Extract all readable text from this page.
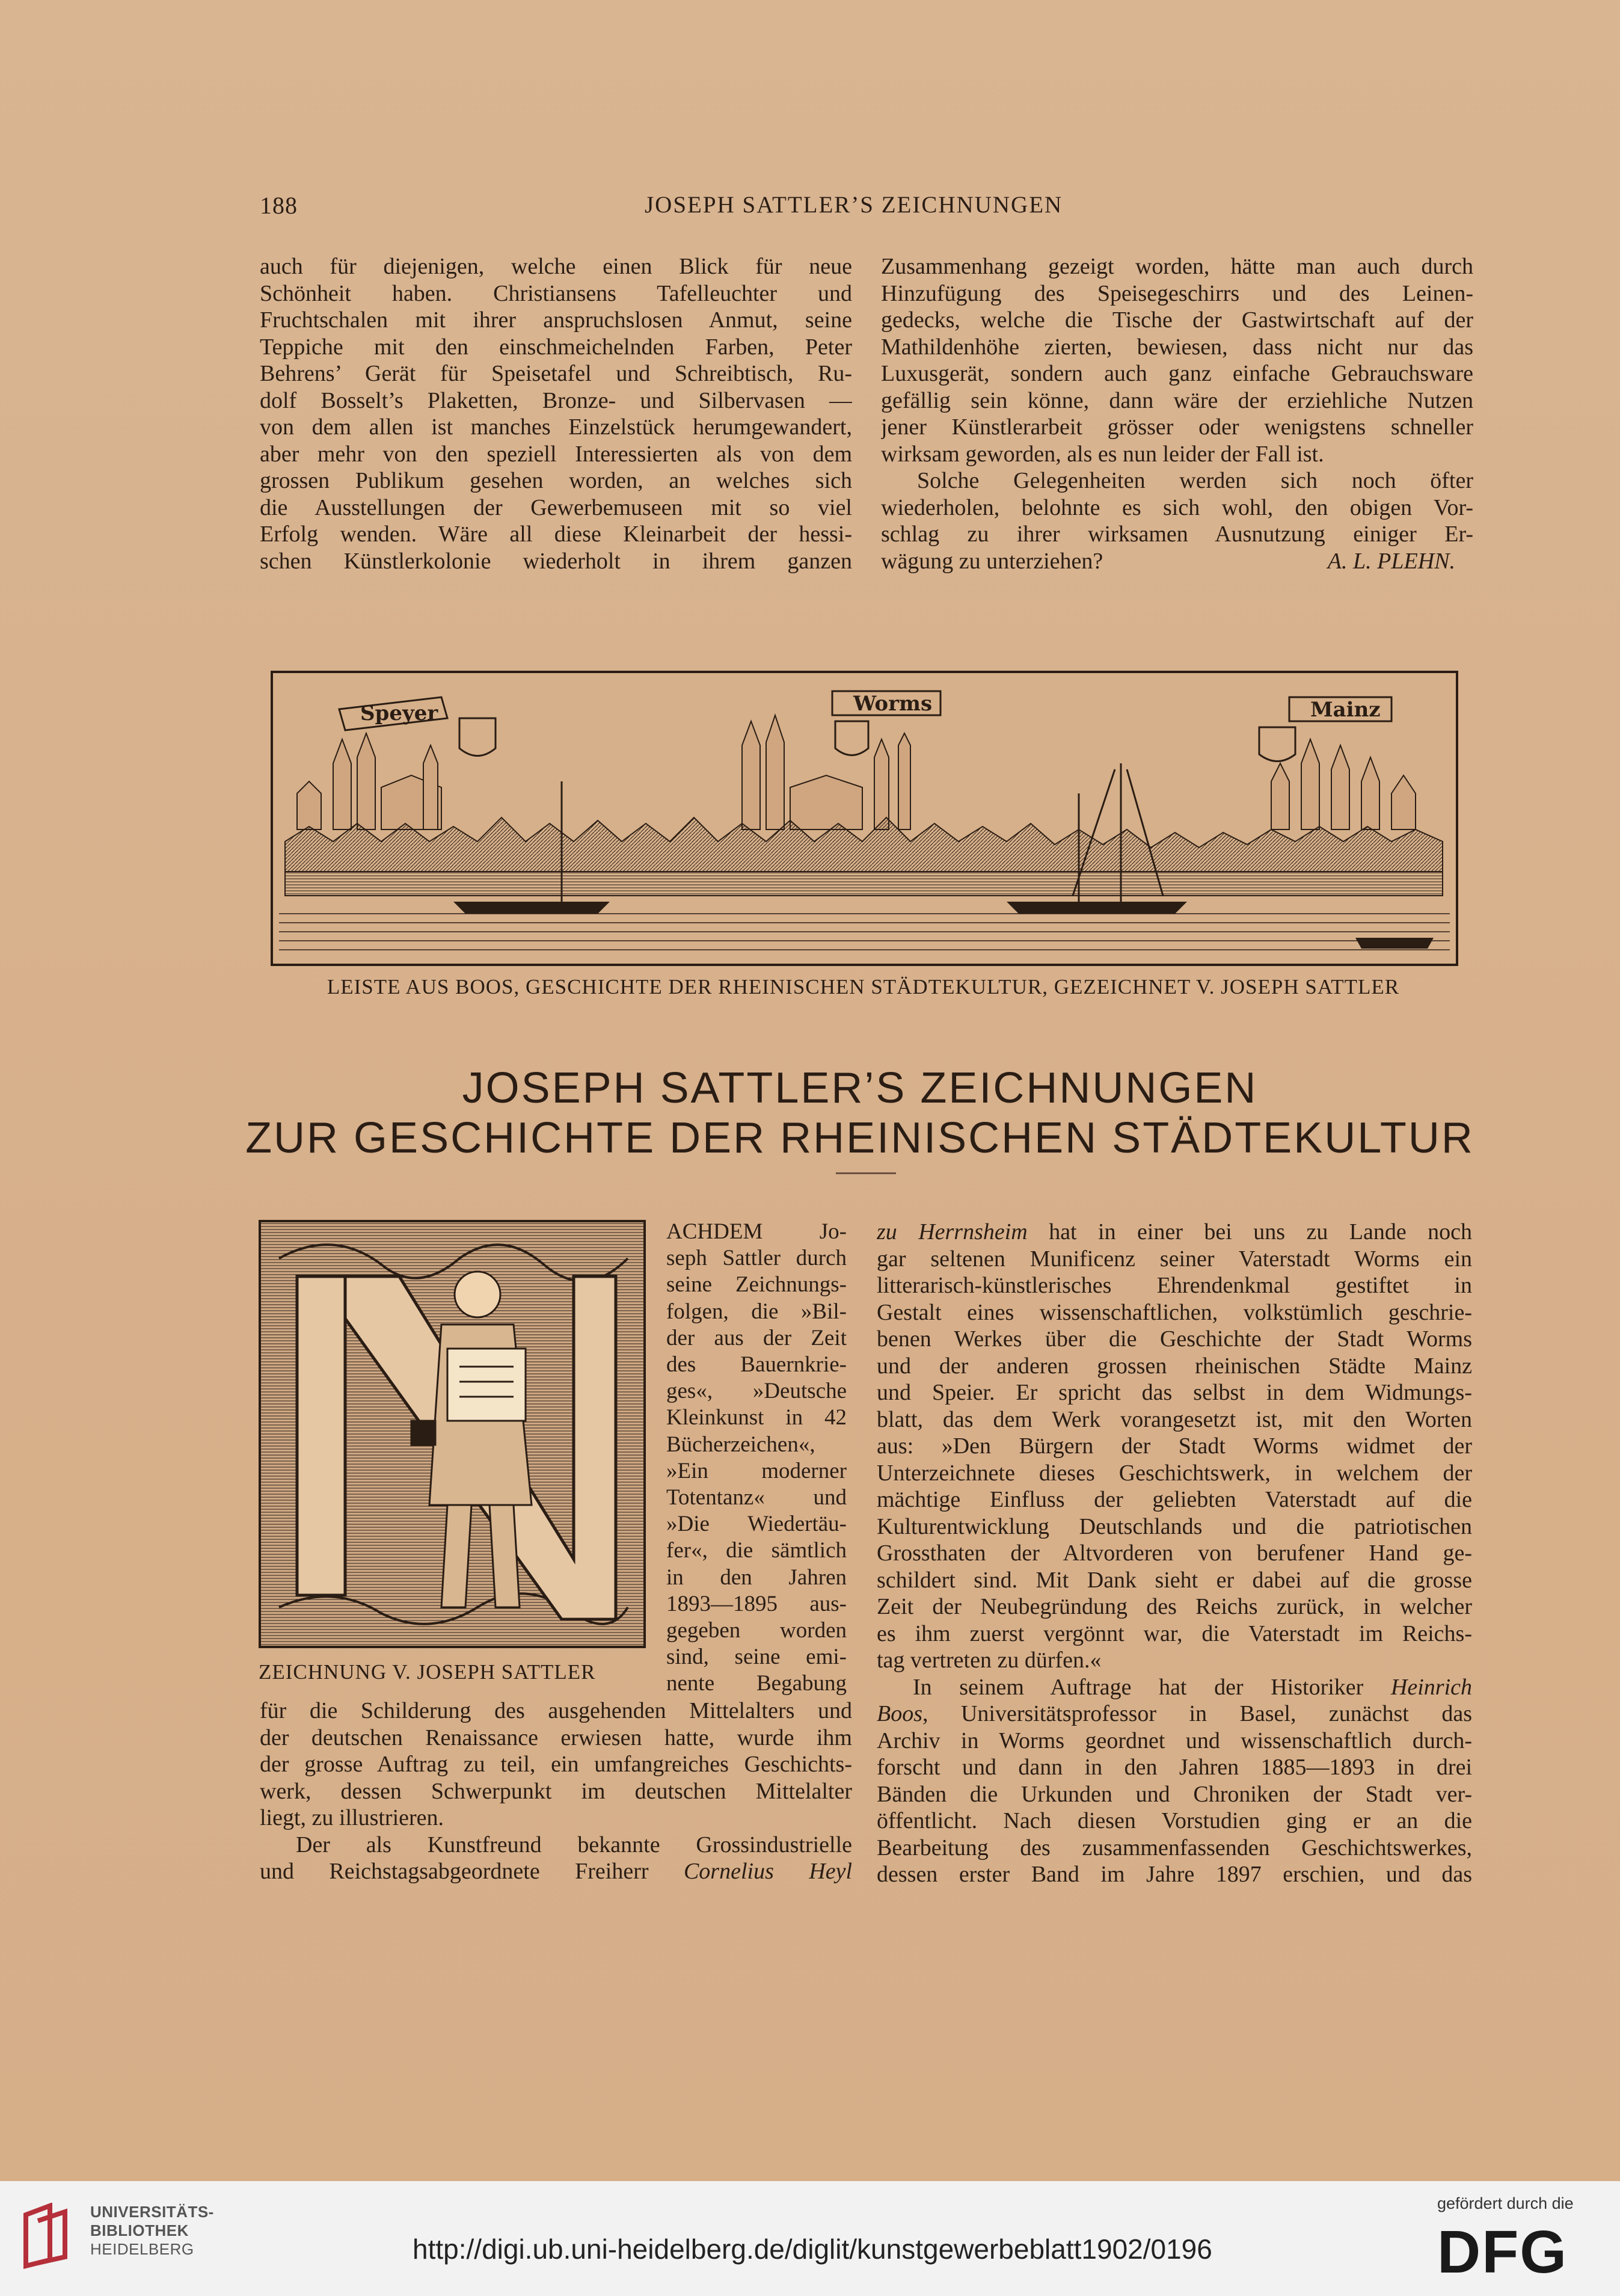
188	JOSEPH SATTLER’S ZEICHNUNGEN
auch für diejenigen, welche einen Blick für neue
Schönheit haben. Christiansens Tafelleuchter und
Fruchtschalen mit ihrer anspruchslosen Anmut, seine
Teppiche mit den einschmeichelnden Farben, Peter
Behrens’ Gerät für Speisetafel und Schreibtisch, Ru-
dolf Bosselt’s Plaketten, Bronze- und Silbervasen —
von dem allen ist manches Einzelstück herumgewandert,
aber mehr von den speziell Interessierten als von dem
grossen Publikum gesehen worden, an welches sich
die Ausstellungen der Gewerbemuseen mit so viel
Erfolg wenden. Wäre all diese Kleinarbeit der hessi-
schen Künstlerkolonie wiederholt in ihrem ganzen
Zusammenhang gezeigt worden, hätte man auch durch
Hinzufügung des Speisegeschirrs und des Leinen-
gedecks, welche die Tische der Gastwirtschaft auf der
Mathildenhöhe zierten, bewiesen, dass nicht nur das
Luxusgerät, sondern auch ganz einfache Gebrauchsware
gefällig sein könne, dann wäre der erziehliche Nutzen
jener Künstlerarbeit grösser oder wenigstens schneller
wirksam geworden, als es nun leider der Fall ist.
Solche Gelegenheiten werden sich noch öfter
wiederholen, belohnte es sich wohl, den obigen Vor-
schlag zu ihrer wirksamen Ausnutzung einiger Er-
wägung zu unterziehen?	A. L. PLEHN.
Speyer	Worms	Mainz
LEISTE AUS BOOS, GESCHICHTE DER RHEINISCHEN STÄDTEKULTUR, GEZEICHNET V. JOSEPH SATTLER
JOSEPH SATTLER’S ZEICHNUNGEN
ZUR GESCHICHTE DER RHEINISCHEN STÄDTEKULTUR
ZEICHNUNG V. JOSEPH SATTLER
ACHDEM Jo-
seph Sattler durch
seine Zeichnungs-
folgen, die »Bil-
der aus der Zeit
des Bauernkrie-
ges«, »Deutsche
Kleinkunst in 42
Bücherzeichen«,
»Ein moderner
Totentanz« und
»Die Wiedertäu-
fer«, die sämtlich
in den Jahren
1893—1895 aus-
gegeben worden
sind, seine emi-
nente Begabung
für die Schilderung des ausgehenden Mittelalters und
der deutschen Renaissance erwiesen hatte, wurde ihm
der grosse Auftrag zu teil, ein umfangreiches Geschichts-
werk, dessen Schwerpunkt im deutschen Mittelalter
liegt, zu illustrieren.
Der als Kunstfreund bekannte Grossindustrielle
und Reichstagsabgeordnete Freiherr Cornelius Heyl
zu Herrnsheim hat in einer bei uns zu Lande noch
gar seltenen Munificenz seiner Vaterstadt Worms ein
litterarisch-künstlerisches Ehrendenkmal gestiftet in
Gestalt eines wissenschaftlichen, volkstümlich geschrie-
benen Werkes über die Geschichte der Stadt Worms
und der anderen grossen rheinischen Städte Mainz
und Speier. Er spricht das selbst in dem Widmungs-
blatt, das dem Werk vorangesetzt ist, mit den Worten
aus: »Den Bürgern der Stadt Worms widmet der
Unterzeichnete dieses Geschichtswerk, in welchem der
mächtige Einfluss der geliebten Vaterstadt auf die
Kulturentwicklung Deutschlands und die patriotischen
Grossthaten der Altvorderen von berufener Hand ge-
schildert sind. Mit Dank sieht er dabei auf die grosse
Zeit der Neubegründung des Reichs zurück, in welcher
es ihm zuerst vergönnt war, die Vaterstadt im Reichs-
tag vertreten zu dürfen.«
In seinem Auftrage hat der Historiker Heinrich
Boos, Universitätsprofessor in Basel, zunächst das
Archiv in Worms geordnet und wissenschaftlich durch-
forscht und dann in den Jahren 1885—1893 in drei
Bänden die Urkunden und Chroniken der Stadt ver-
öffentlicht. Nach diesen Vorstudien ging er an die
Bearbeitung des zusammenfassenden Geschichtswerkes,
dessen erster Band im Jahre 1897 erschien, und das
UNIVERSITÄTS-
BIBLIOTHEK
HEIDELBERG	http://digi.ub.uni-heidelberg.de/diglit/kunstgewerbeblatt1902/0196
gefördert durch die
DFG
